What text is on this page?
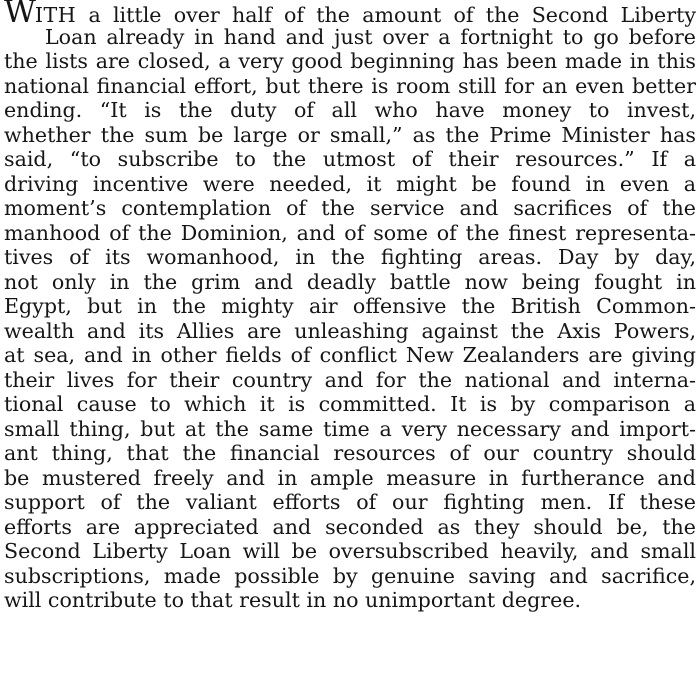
WITH a little over half of the amount of the Second Liberty
Loan already in hand and just over a fortnight to go before
the lists are closed, a very good beginning has been made in this
national financial effort, but there is room still for an even better
ending. “It is the duty of all who have money to invest,
whether the sum be large or small,” as the Prime Minister has
said, “to subscribe to the utmost of their resources.” If a
driving incentive were needed, it might be found in even a
moment’s contemplation of the service and sacrifices of the
manhood of the Dominion, and of some of the finest representa-
tives of its womanhood, in the fighting areas. Day by day,
not only in the grim and deadly battle now being fought in
Egypt, but in the mighty air offensive the British Common-
wealth and its Allies are unleashing against the Axis Powers,
at sea, and in other fields of conflict New Zealanders are giving
their lives for their country and for the national and interna-
tional cause to which it is committed. It is by comparison a
small thing, but at the same time a very necessary and import-
ant thing, that the financial resources of our country should
be mustered freely and in ample measure in furtherance and
support of the valiant efforts of our fighting men. If these
efforts are appreciated and seconded as they should be, the
Second Liberty Loan will be oversubscribed heavily, and small
subscriptions, made possible by genuine saving and sacrifice,
will contribute to that result in no unimportant degree.
